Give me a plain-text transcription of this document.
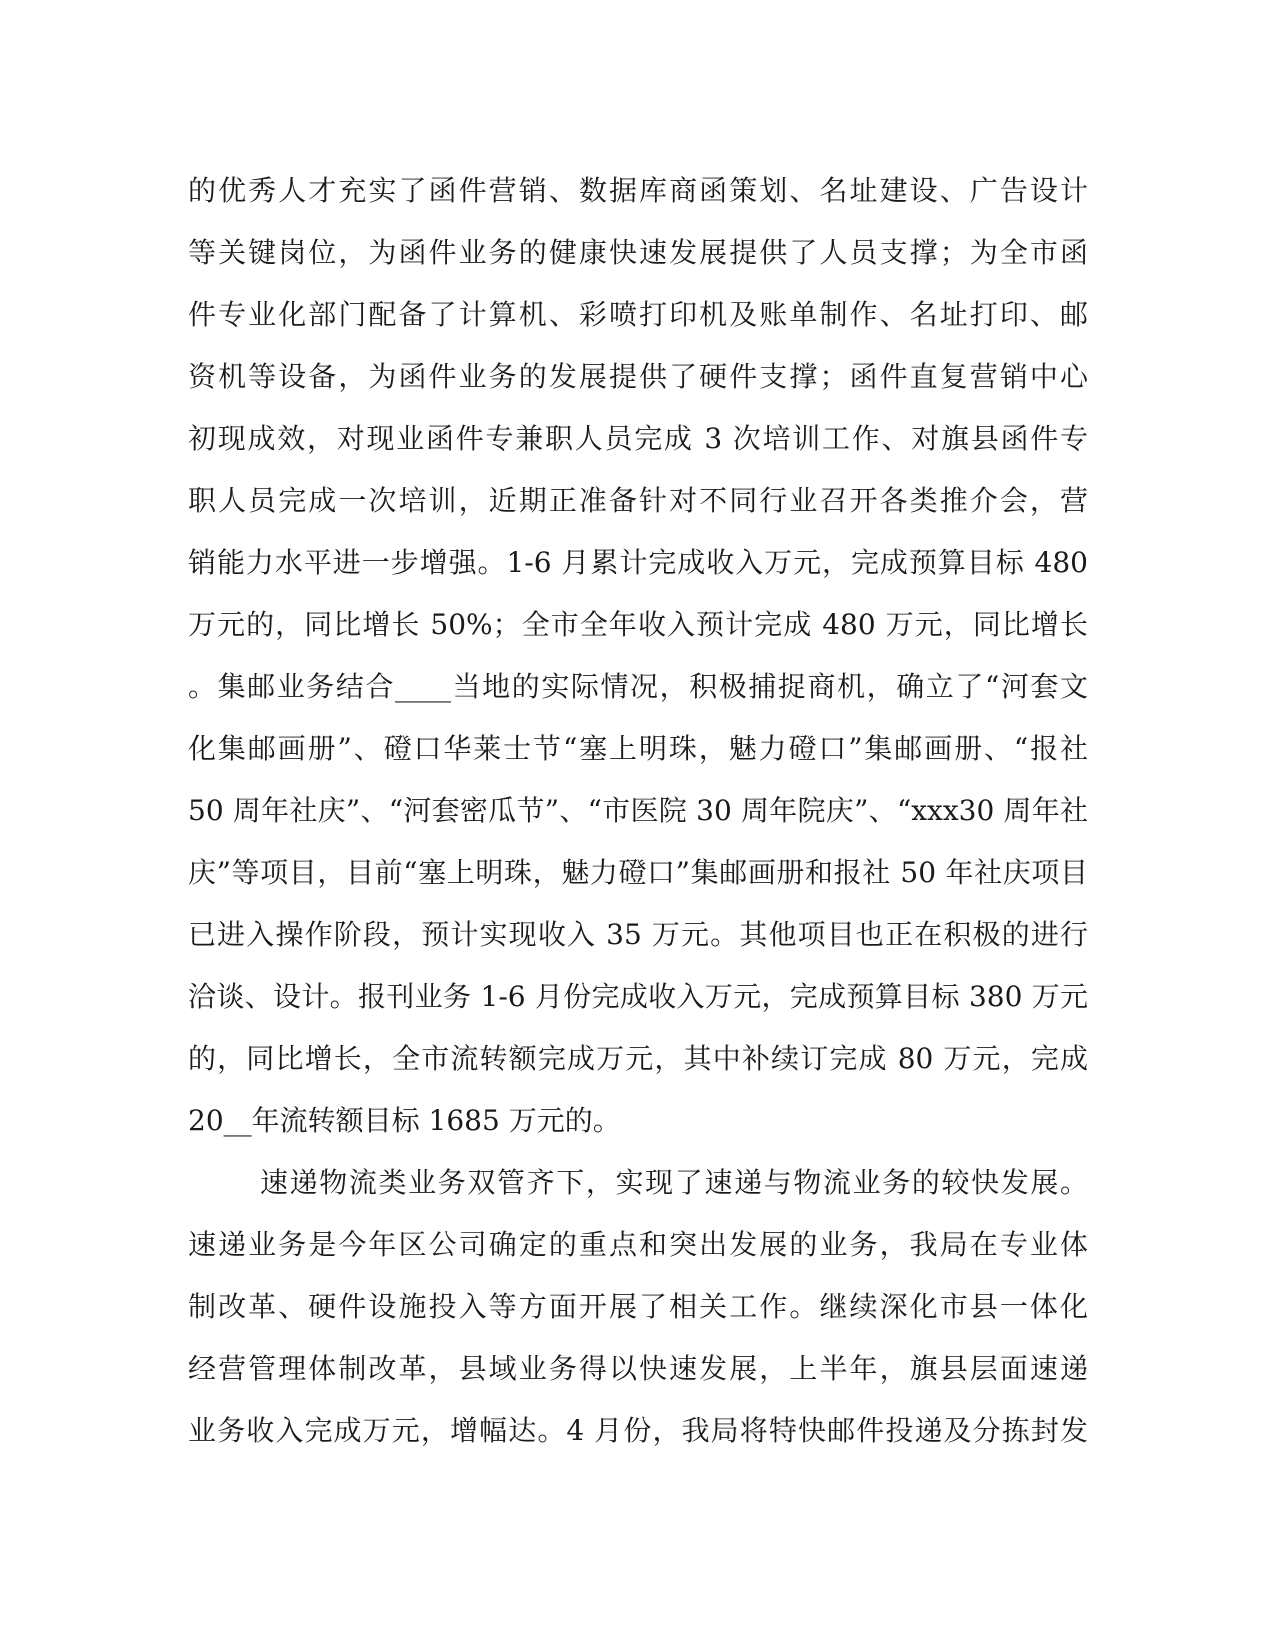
的优秀人才充实了函件营销、数据库商函策划、名址建设、广告设计
等关键岗位，为函件业务的健康快速发展提供了人员支撑；为全市函
件专业化部门配备了计算机、彩喷打印机及账单制作、名址打印、邮
资机等设备，为函件业务的发展提供了硬件支撑；函件直复营销中心
初现成效，对现业函件专兼职人员完成 3 次培训工作、对旗县函件专
职人员完成一次培训，近期正准备针对不同行业召开各类推介会，营
销能力水平进一步增强。1-6 月累计完成收入万元，完成预算目标 480
万元的，同比增长 50%；全市全年收入预计完成 480 万元，同比增长
。集邮业务结合____当地的实际情况，积极捕捉商机，确立了“河套文
化集邮画册”、磴口华莱士节“塞上明珠，魅力磴口”集邮画册、“报社
50 周年社庆”、“河套密瓜节”、“市医院 30 周年院庆”、“xxx30 周年社
庆”等项目，目前“塞上明珠，魅力磴口”集邮画册和报社 50 年社庆项目
已进入操作阶段，预计实现收入 35 万元。其他项目也正在积极的进行
洽谈、设计。报刊业务 1-6 月份完成收入万元，完成预算目标 380 万元
的，同比增长，全市流转额完成万元，其中补续订完成 80 万元，完成
20__年流转额目标 1685 万元的。
速递物流类业务双管齐下，实现了速递与物流业务的较快发展。
速递业务是今年区公司确定的重点和突出发展的业务，我局在专业体
制改革、硬件设施投入等方面开展了相关工作。继续深化市县一体化
经营管理体制改革，县域业务得以快速发展，上半年，旗县层面速递
业务收入完成万元，增幅达。4 月份，我局将特快邮件投递及分拣封发
